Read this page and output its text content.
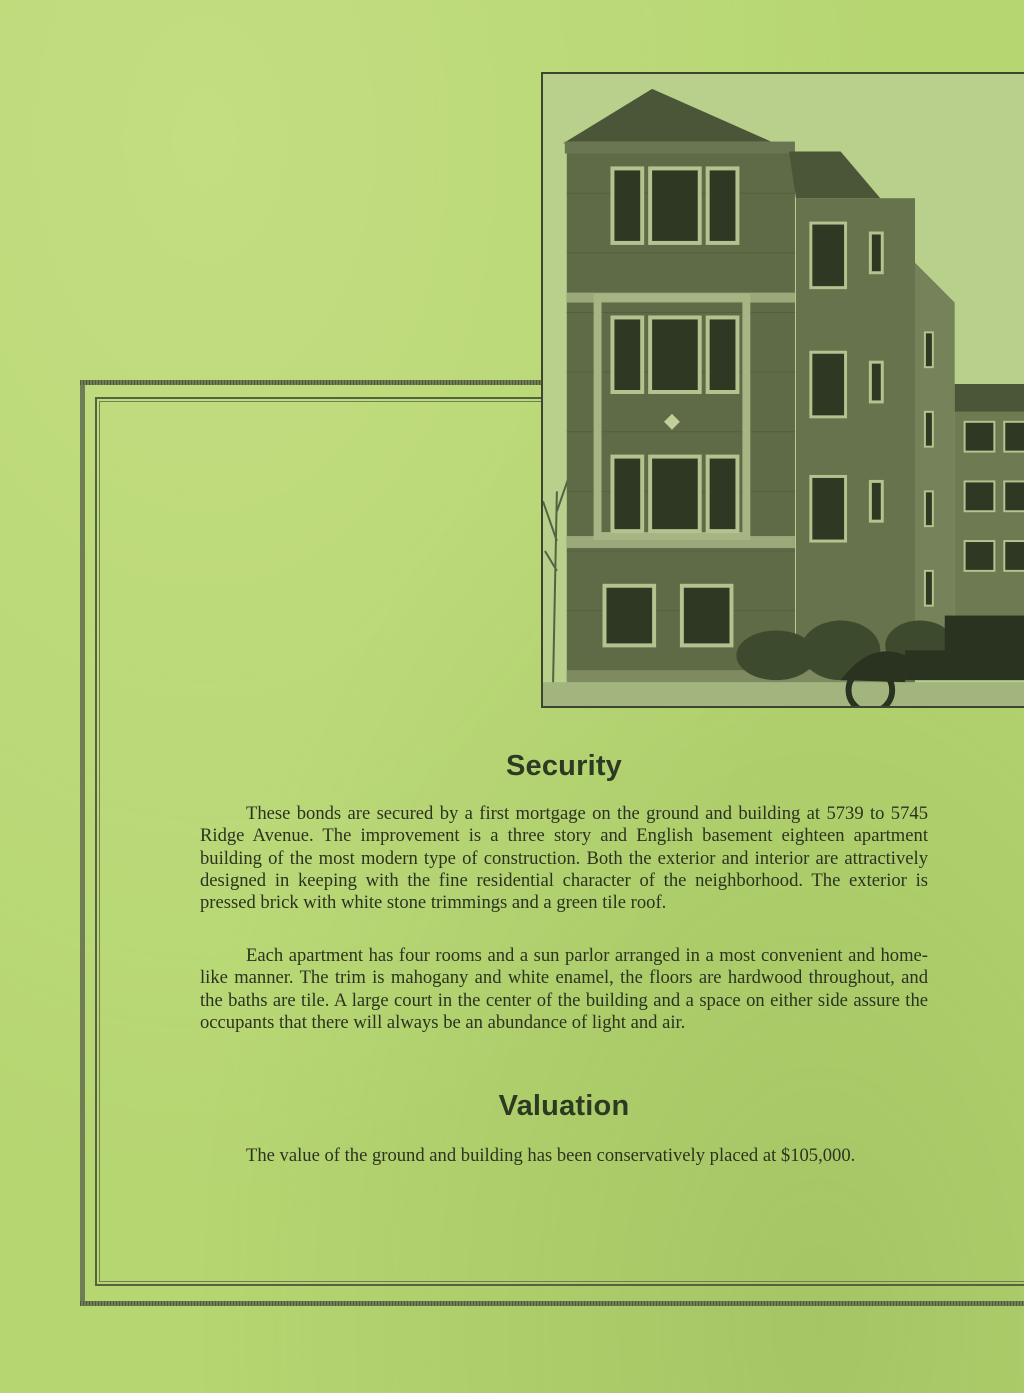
Security

These bonds are secured by a first mortgage on the ground and building at 5739 to 5745 Ridge Avenue. The improvement is a three story and English basement eighteen apartment building of the most modern type of construction. Both the exterior and interior are attractively designed in keeping with the fine residential character of the neighborhood. The exterior is pressed brick with white stone trimmings and a green tile roof.

Each apartment has four rooms and a sun parlor arranged in a most convenient and home-like manner. The trim is mahogany and white enamel, the floors are hardwood throughout, and the baths are tile. A large court in the center of the building and a space on either side assure the occupants that there will always be an abundance of light and air.

Valuation

The value of the ground and building has been conservatively placed at $105,000.
